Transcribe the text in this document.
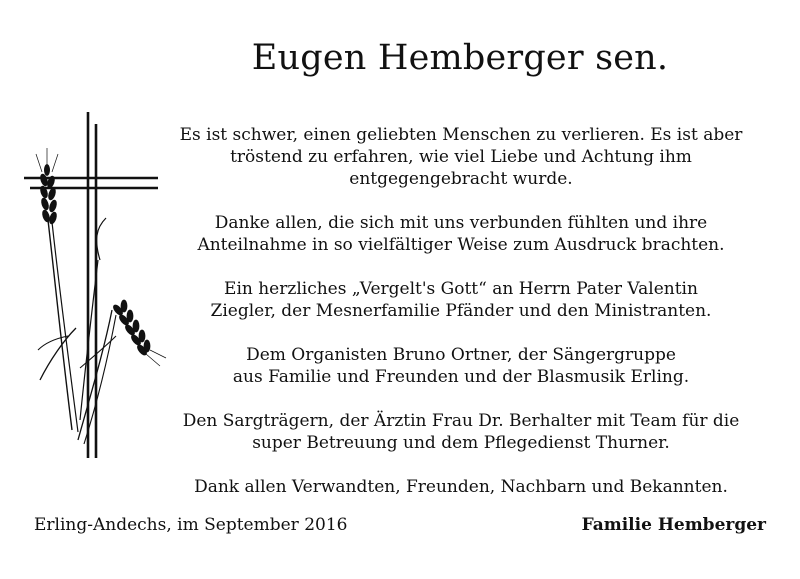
Eugen Hemberger sen.

Es ist schwer, einen geliebten Menschen zu verlieren. Es ist aber
tröstend zu erfahren, wie viel Liebe und Achtung ihm
entgegengebracht wurde.

Danke allen, die sich mit uns verbunden fühlten und ihre
Anteilnahme in so vielfältiger Weise zum Ausdruck brachten.

Ein herzliches „Vergelt's Gott“ an Herrn Pater Valentin
Ziegler, der Mesnerfamilie Pfänder und den Ministranten.

Dem Organisten Bruno Ortner, der Sängergruppe
aus Familie und Freunden und der Blasmusik Erling.

Den Sargträgern, der Ärztin Frau Dr. Berhalter mit Team für die
super Betreuung und dem Pflegedienst Thurner.

Dank allen Verwandten, Freunden, Nachbarn und Bekannten.

Erling-Andechs, im September 2016	Familie Hemberger
